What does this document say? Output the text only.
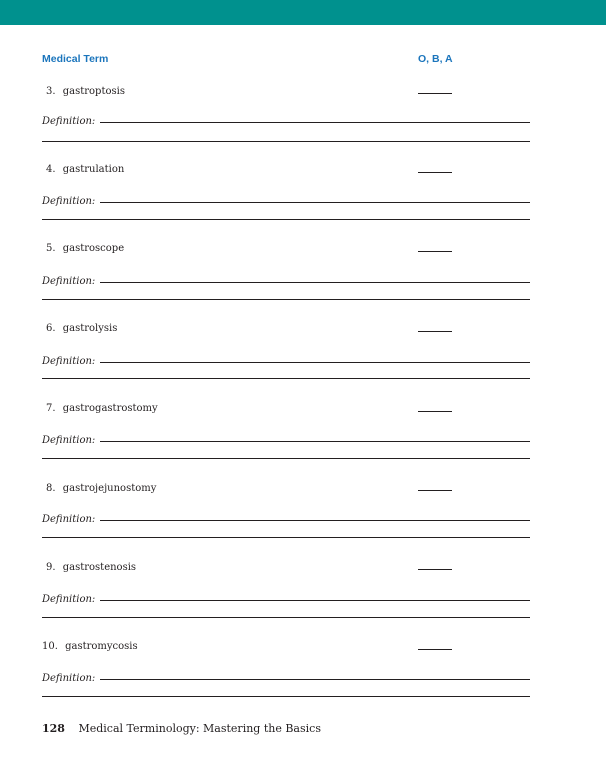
Medical Term	O, B, A
3. gastroptosis
Definition:
4. gastrulation
Definition:
5. gastroscope
Definition:
6. gastrolysis
Definition:
7. gastrogastrostomy
Definition:
8. gastrojejunostomy
Definition:
9. gastrostenosis
Definition:
10. gastromycosis
Definition:
128 Medical Terminology: Mastering the Basics
